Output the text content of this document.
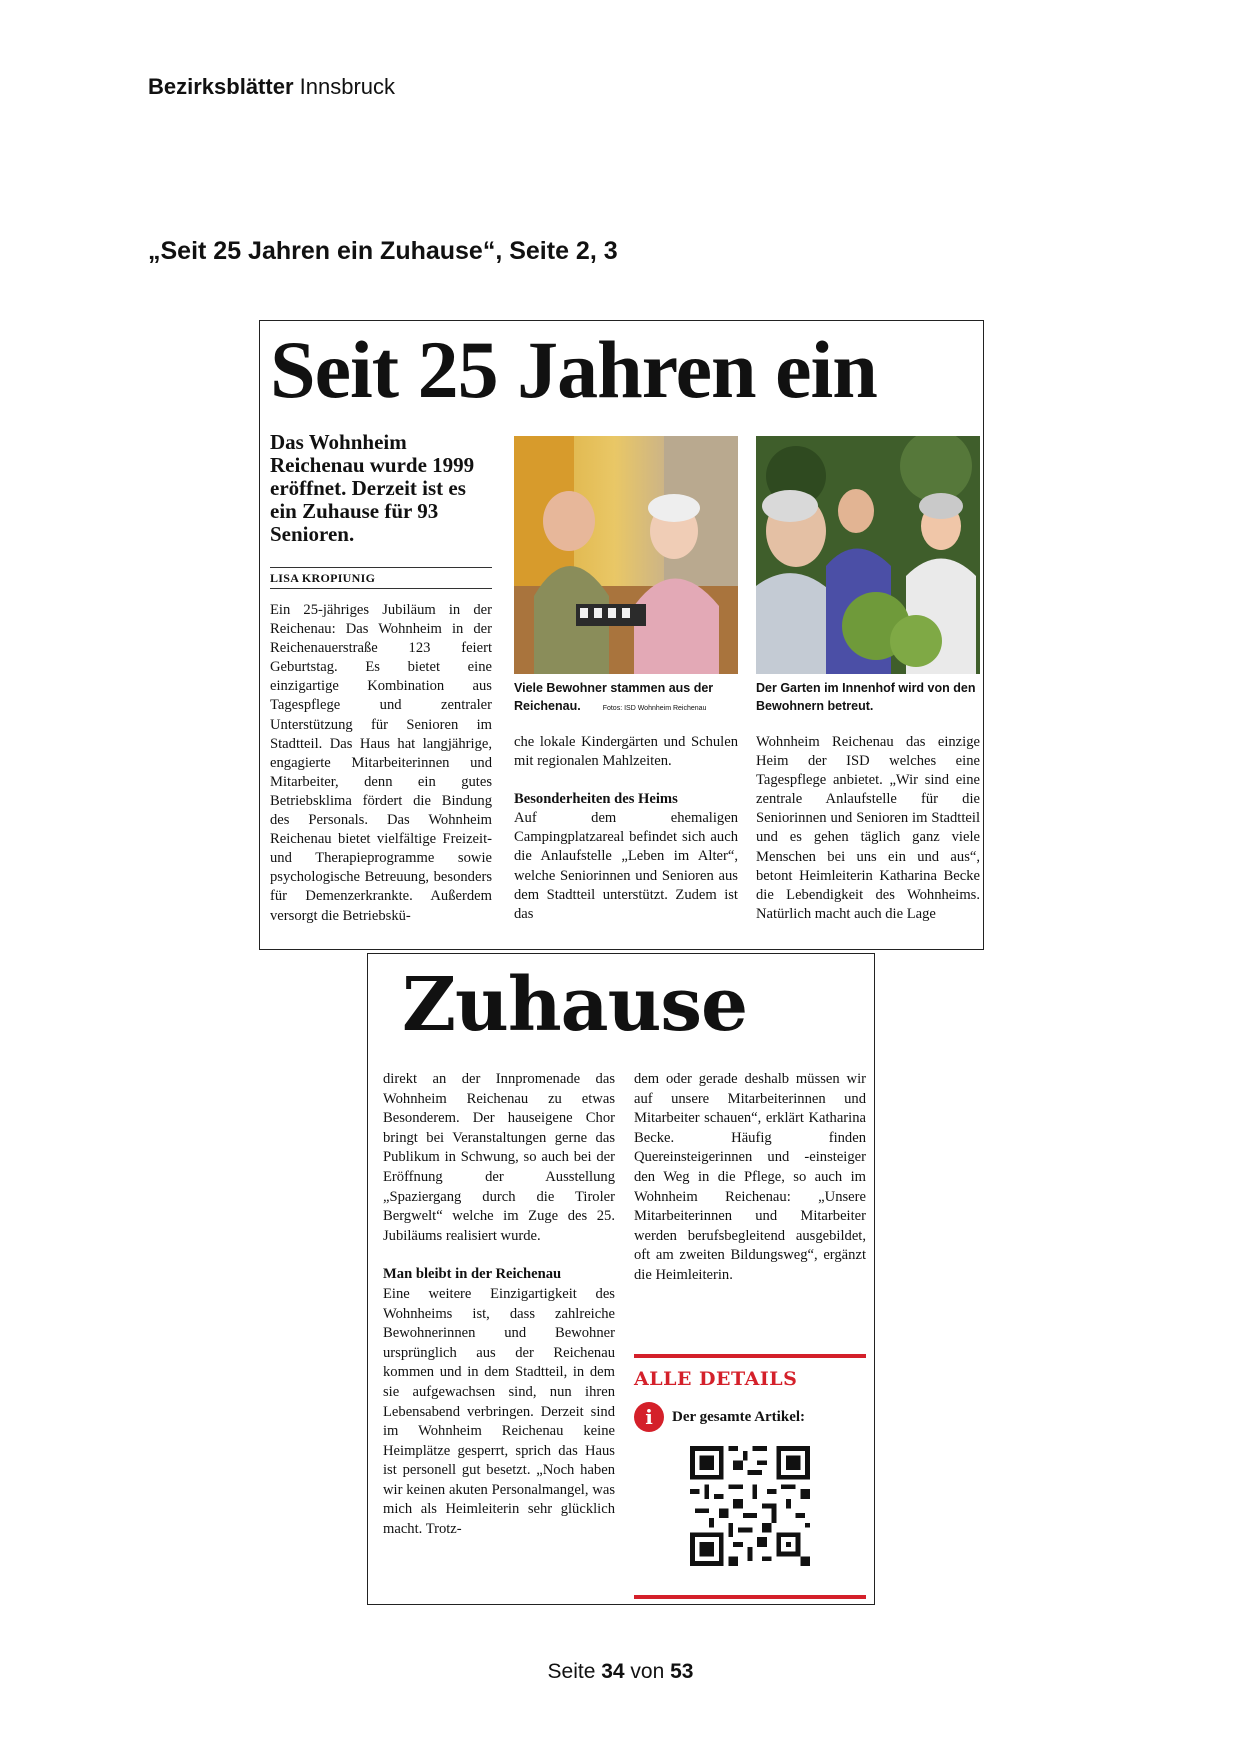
Bezirksblätter Innsbruck
„Seit 25 Jahren ein Zuhause“, Seite 2, 3
Seit 25 Jahren ein
Das Wohnheim Reichenau wurde 1999 eröffnet. Derzeit ist es ein Zuhause für 93 Senioren.
LISA KROPIUNIG
Ein 25-jähriges Jubiläum in der Reichenau: Das Wohnheim in der Reichenauerstraße 123 feiert Geburtstag. Es bietet eine einzigartige Kombination aus Tagespflege und zentraler Unterstützung für Senioren im Stadtteil. Das Haus hat langjährige, engagierte Mitarbeiterinnen und Mitarbeiter, denn ein gutes Betriebsklima fördert die Bindung des Personals. Das Wohnheim Reichenau bietet vielfältige Freizeit- und Therapieprogramme sowie psychologische Betreuung, besonders für Demenzerkrankte. Außerdem versorgt die Betriebskü-
Viele Bewohner stammen aus der Reichenau.	Fotos: ISD Wohnheim Reichenau
Der Garten im Innenhof wird von den Bewohnern betreut.
che lokale Kindergärten und Schulen mit regionalen Mahlzeiten.
Besonderheiten des Heims
Auf dem ehemaligen Campingplatzareal befindet sich auch die Anlaufstelle „Leben im Alter“, welche Seniorinnen und Senioren aus dem Stadtteil unterstützt. Zudem ist das
Wohnheim Reichenau das einzige Heim der ISD welches eine Tagespflege anbietet. „Wir sind eine zentrale Anlaufstelle für die Seniorinnen und Senioren im Stadtteil und es gehen täglich ganz viele Menschen bei uns ein und aus“, betont Heimleiterin Katharina Becke die Lebendigkeit des Wohnheims. Natürlich macht auch die Lage
Zuhause
direkt an der Innpromenade das Wohnheim Reichenau zu etwas Besonderem. Der hauseigene Chor bringt bei Veranstaltungen gerne das Publikum in Schwung, so auch bei der Eröffnung der Ausstellung „Spaziergang durch die Tiroler Bergwelt“ welche im Zuge des 25. Jubiläums realisiert wurde.
Man bleibt in der Reichenau
Eine weitere Einzigartigkeit des Wohnheims ist, dass zahlreiche Bewohnerinnen und Bewohner ursprünglich aus der Reichenau kommen und in dem Stadtteil, in dem sie aufgewachsen sind, nun ihren Lebensabend verbringen. Derzeit sind im Wohnheim Reichenau keine Heimplätze gesperrt, sprich das Haus ist personell gut besetzt. „Noch haben wir keinen akuten Personalmangel, was mich als Heimleiterin sehr glücklich macht. Trotz-
dem oder gerade deshalb müssen wir auf unsere Mitarbeiterinnen und Mitarbeiter schauen“, erklärt Katharina Becke. Häufig finden Quereinsteigerinnen und -einsteiger den Weg in die Pflege, so auch im Wohnheim Reichenau: „Unsere Mitarbeiterinnen und Mitarbeiter werden berufsbegleitend ausgebildet, oft am zweiten Bildungsweg“, ergänzt die Heimleiterin.
ALLE DETAILS
i	Der gesamte Artikel:
Seite 34 von 53
